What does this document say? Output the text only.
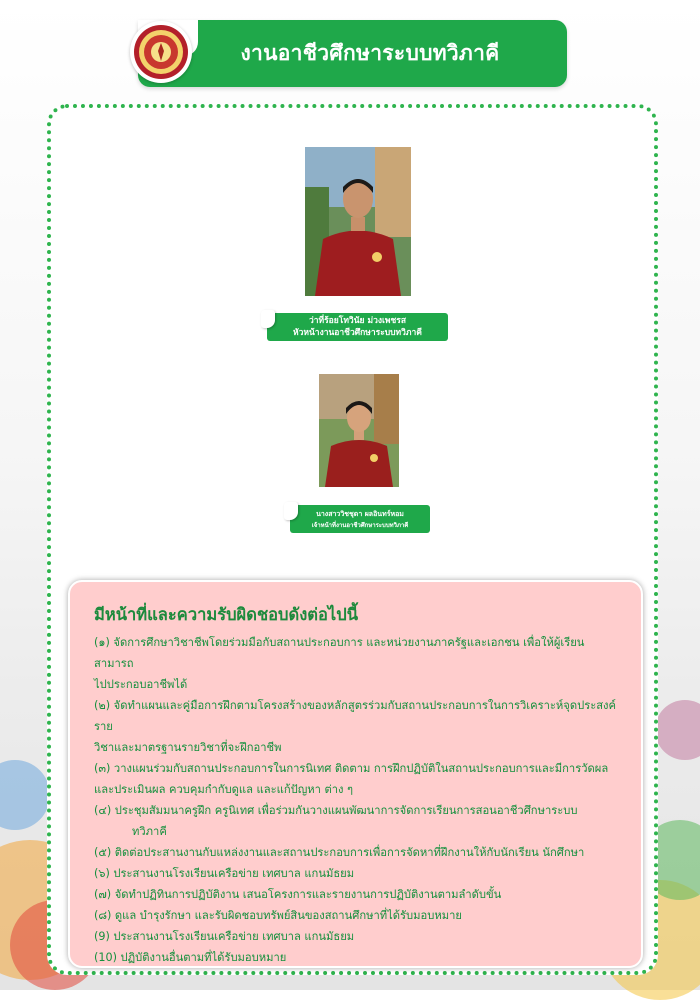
งานอาชีวศึกษาระบบทวิภาคี
ว่าที่ร้อยโทวินัย ม่วงเพชรส
หัวหน้างานอาชีวศึกษาระบบทวิภาคี
นางสาววิชชุดา ผลอินทร์หอม
เจ้าหน้าที่งานอาชีวศึกษาระบบทวิภาคี
มีหน้าที่และความรับผิดชอบดังต่อไปนี้
(๑) จัดการศึกษาวิชาชีพโดยร่วมมือกับสถานประกอบการ และหน่วยงานภาครัฐและเอกชน เพื่อให้ผู้เรียนสามารถ
ไปประกอบอาชีพได้
(๒) จัดทำแผนและคู่มือการฝึกตามโครงสร้างของหลักสูตรร่วมกับสถานประกอบการในการวิเคราะห์จุดประสงค์ราย
วิชาและมาตรฐานรายวิชาที่จะฝึกอาชีพ
(๓) วางแผนร่วมกับสถานประกอบการในการนิเทศ ติดตาม การฝึกปฏิบัติในสถานประกอบการและมีการวัดผล
และประเมินผล ควบคุมกำกับดูแล และแก้ปัญหา ต่าง ๆ
(๔) ประชุมสัมมนาครูฝึก ครูนิเทศ เพื่อร่วมกันวางแผนพัฒนาการจัดการเรียนการสอนอาชีวศึกษาระบบ
ทวิภาคี
(๕) ติดต่อประสานงานกับแหล่งงานและสถานประกอบการเพื่อการจัดหาที่ฝึกงานให้กับนักเรียน นักศึกษา
(๖) ประสานงานโรงเรียนเครือข่าย เทศบาล แกนมัธยม
(๗) จัดทำปฏิทินการปฏิบัติงาน เสนอโครงการและรายงานการปฏิบัติงานตามลำดับขั้น
(๘) ดูแล บำรุงรักษา และรับผิดชอบทรัพย์สินของสถานศึกษาที่ได้รับมอบหมาย
(9) ประสานงานโรงเรียนเครือข่าย เทศบาล แกนมัธยม
(10) ปฏิบัติงานอื่นตามที่ได้รับมอบหมาย
